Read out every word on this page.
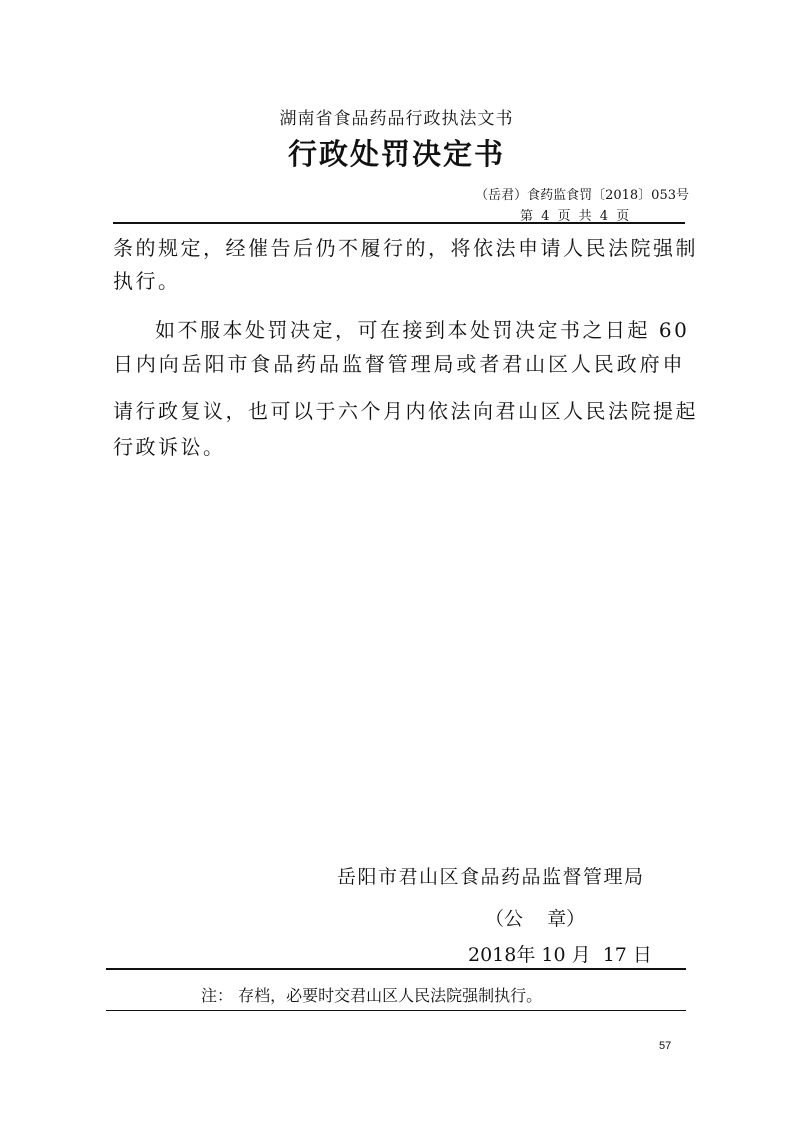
湖南省食品药品行政执法文书
行政处罚决定书
（岳君）食药监食罚〔2018〕053号
第 4 页 共 4 页
条的规定，经催告后仍不履行的，将依法申请人民法院强制
执行。
如不服本处罚决定，可在接到本处罚决定书之日起 60
日内向岳阳市食品药品监督管理局或者君山区人民政府申
请行政复议，也可以于六个月内依法向君山区人民法院提起
行政诉讼。
岳阳市君山区食品药品监督管理局
（公    章）
2018年 10 月  17 日
注： 存档，必要时交君山区人民法院强制执行。
57
